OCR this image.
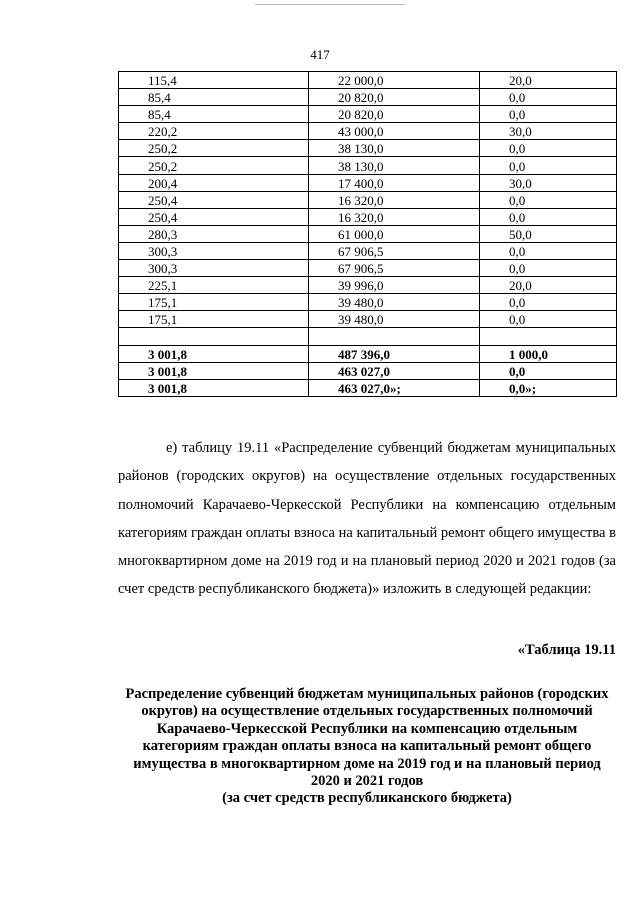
417
115,4	22 000,0	20,0
85,4	20 820,0	0,0
85,4	20 820,0	0,0
220,2	43 000,0	30,0
250,2	38 130,0	0,0
250,2	38 130,0	0,0
200,4	17 400,0	30,0
250,4	16 320,0	0,0
250,4	16 320,0	0,0
280,3	61 000,0	50,0
300,3	67 906,5	0,0
300,3	67 906,5	0,0
225,1	39 996,0	20,0
175,1	39 480,0	0,0
175,1	39 480,0	0,0

3 001,8	487 396,0	1 000,0
3 001,8	463 027,0	0,0
3 001,8	463 027,0»;	0,0»;

е) таблицу 19.11 «Распределение субвенций бюджетам муниципальных районов (городских округов) на осуществление отдельных государственных полномочий Карачаево-Черкесской Республики на компенсацию отдельным категориям граждан оплаты взноса на капитальный ремонт общего имущества в многоквартирном доме на 2019 год и на плановый период 2020 и 2021 годов (за счет средств республиканского бюджета)» изложить в следующей редакции:

«Таблица 19.11

Распределение субвенций бюджетам муниципальных районов (городских округов) на осуществление отдельных государственных полномочий Карачаево-Черкесской Республики на компенсацию отдельным категориям граждан оплаты взноса на капитальный ремонт общего имущества в многоквартирном доме на 2019 год и на плановый период 2020 и 2021 годов

(за счет средств республиканского бюджета)
